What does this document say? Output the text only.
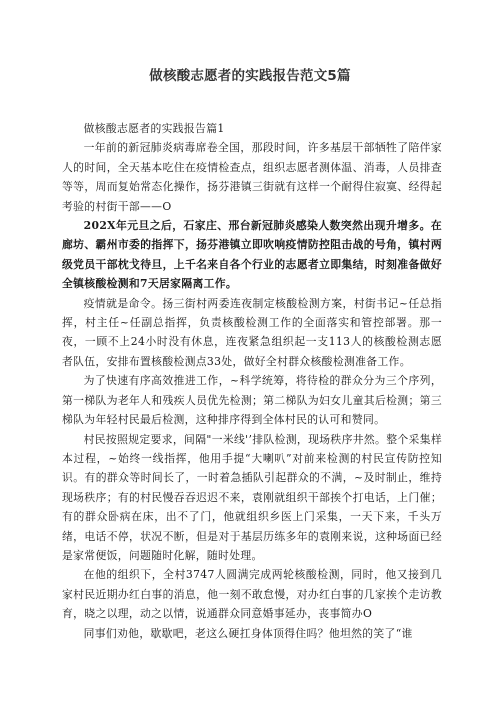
做核酸志愿者的实践报告范文5篇

做核酸志愿者的实践报告篇1

一年前的新冠肺炎病毒席卷全国，那段时间，许多基层干部牺牲了陪伴家人的时间，全天基本吃住在疫情检查点，组织志愿者测体温、消毒，人员排查等等，周而复始常态化操作，扬芬港镇三街就有这样一个耐得住寂寞、经得起考验的村街干部——O

202X年元旦之后，石家庄、邢台新冠肺炎感染人数突然出现升增多。在廊坊、霸州市委的指挥下，扬芬港镇立即吹响疫情防控阻击战的号角，镇村两级党员干部枕戈待旦，上千名来自各个行业的志愿者立即集结，时刻准备做好全镇核酸检测和7天居家隔离工作。

疫情就是命令。扬三街村两委连夜制定核酸检测方案，村街书记~任总指挥，村主任~任副总指挥，负责核酸检测工作的全面落实和管控部署。那一夜，一顾不上24小时没有休息，连夜紧急组织起一支113人的核酸检测志愿者队伍，安排布置核酸检测点33处，做好全村群众核酸检测准备工作。

为了快速有序高效推进工作，~科学统筹，将待检的群众分为三个序列，第一梯队为老年人和残疾人员优先检测；第二梯队为妇女儿童其后检测；第三梯队为年轻村民最后检测，这种排序得到全体村民的认可和赞同。

村民按照规定要求，间隔"一米线'’排队检测，现场秩序井然。整个采集样本过程，~始终一线指挥，他用手提“大喇叭”对前来检测的村民宣传防控知识。有的群众等时间长了，一时着急插队引起群众的不满，~及时制止，维持现场秩序；有的村民慢吞吞迟迟不来，袁刚就组织干部挨个打电话，上门催；有的群众卧病在床，出不了门，他就组织乡医上门采集，一天下来，千头万绪，电话不停，状况不断，但是对于基层历练多年的袁刚来说，这种场面已经是家常便饭，问题随时化解，随时处理。

在他的组织下，全村3747人圆满完成两轮核酸检测，同时，他又接到几家村民近期办红白事的消息，他一刻不敢怠慢，对办红白事的几家挨个走访教育，晓之以理，动之以情，说通群众同意婚事延办，丧事简办O

同事们劝他，歇歇吧，老这么硬扛身体顶得住吗？他坦然的笑了“谁
